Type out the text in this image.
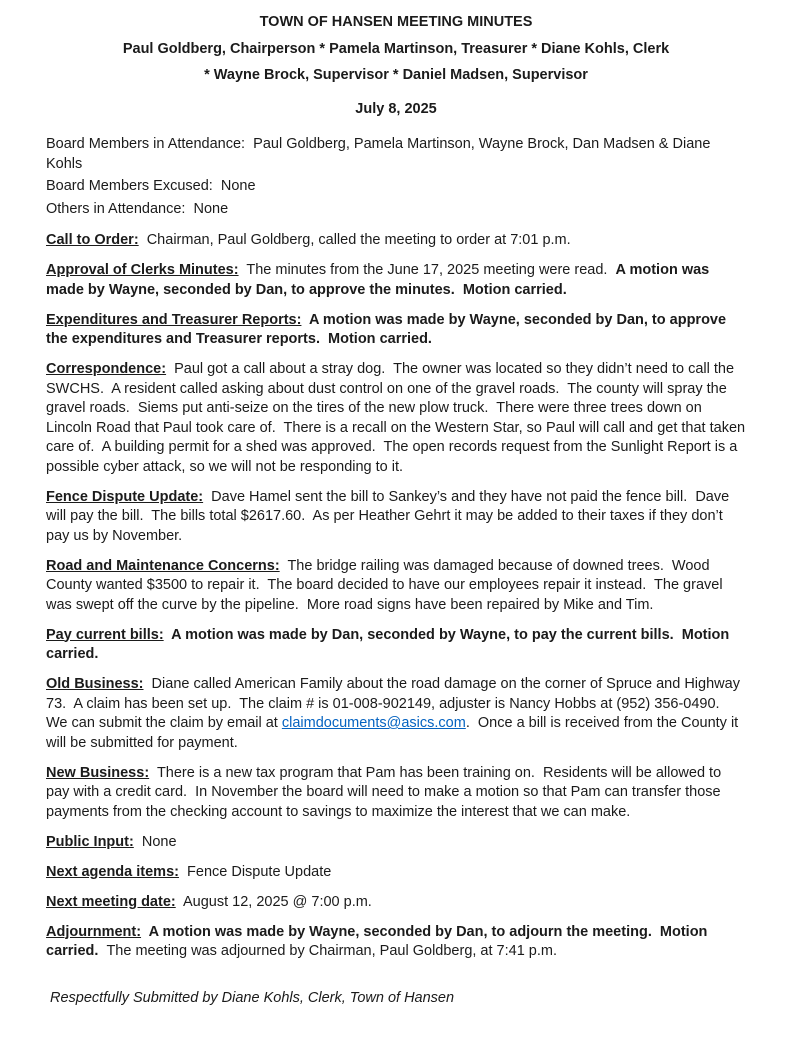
TOWN OF HANSEN MEETING MINUTES

Paul Goldberg, Chairperson * Pamela Martinson, Treasurer * Diane Kohls, Clerk

* Wayne Brock, Supervisor * Daniel Madsen, Supervisor

July 8, 2025

Board Members in Attendance:  Paul Goldberg, Pamela Martinson, Wayne Brock, Dan Madsen & Diane Kohls

Board Members Excused:  None

Others in Attendance:  None

Call to Order:  Chairman, Paul Goldberg, called the meeting to order at 7:01 p.m.

Approval of Clerks Minutes:  The minutes from the June 17, 2025 meeting were read.  A motion was made by Wayne, seconded by Dan, to approve the minutes.  Motion carried.

Expenditures and Treasurer Reports:  A motion was made by Wayne, seconded by Dan, to approve the expenditures and Treasurer reports.  Motion carried.

Correspondence:  Paul got a call about a stray dog.  The owner was located so they didn’t need to call the SWCHS.  A resident called asking about dust control on one of the gravel roads.  The county will spray the gravel roads.  Siems put anti-seize on the tires of the new plow truck.  There were three trees down on Lincoln Road that Paul took care of.  There is a recall on the Western Star, so Paul will call and get that taken care of.  A building permit for a shed was approved.  The open records request from the Sunlight Report is a possible cyber attack, so we will not be responding to it.

Fence Dispute Update:  Dave Hamel sent the bill to Sankey’s and they have not paid the fence bill.  Dave will pay the bill.  The bills total $2617.60.  As per Heather Gehrt it may be added to their taxes if they don’t pay us by November.

Road and Maintenance Concerns:  The bridge railing was damaged because of downed trees.  Wood County wanted $3500 to repair it.  The board decided to have our employees repair it instead.  The gravel was swept off the curve by the pipeline.  More road signs have been repaired by Mike and Tim.

Pay current bills:  A motion was made by Dan, seconded by Wayne, to pay the current bills.  Motion carried.

Old Business:  Diane called American Family about the road damage on the corner of Spruce and Highway 73.  A claim has been set up.  The claim # is 01-008-902149, adjuster is Nancy Hobbs at (952) 356-0490.  We can submit the claim by email at claimdocuments@asics.com.  Once a bill is received from the County it will be submitted for payment.

New Business:  There is a new tax program that Pam has been training on.  Residents will be allowed to pay with a credit card.  In November the board will need to make a motion so that Pam can transfer those payments from the checking account to savings to maximize the interest that we can make.

Public Input:  None

Next agenda items:  Fence Dispute Update

Next meeting date:  August 12, 2025 @ 7:00 p.m.

Adjournment:  A motion was made by Wayne, seconded by Dan, to adjourn the meeting.  Motion carried.  The meeting was adjourned by Chairman, Paul Goldberg, at 7:41 p.m.

Respectfully Submitted by Diane Kohls, Clerk, Town of Hansen
